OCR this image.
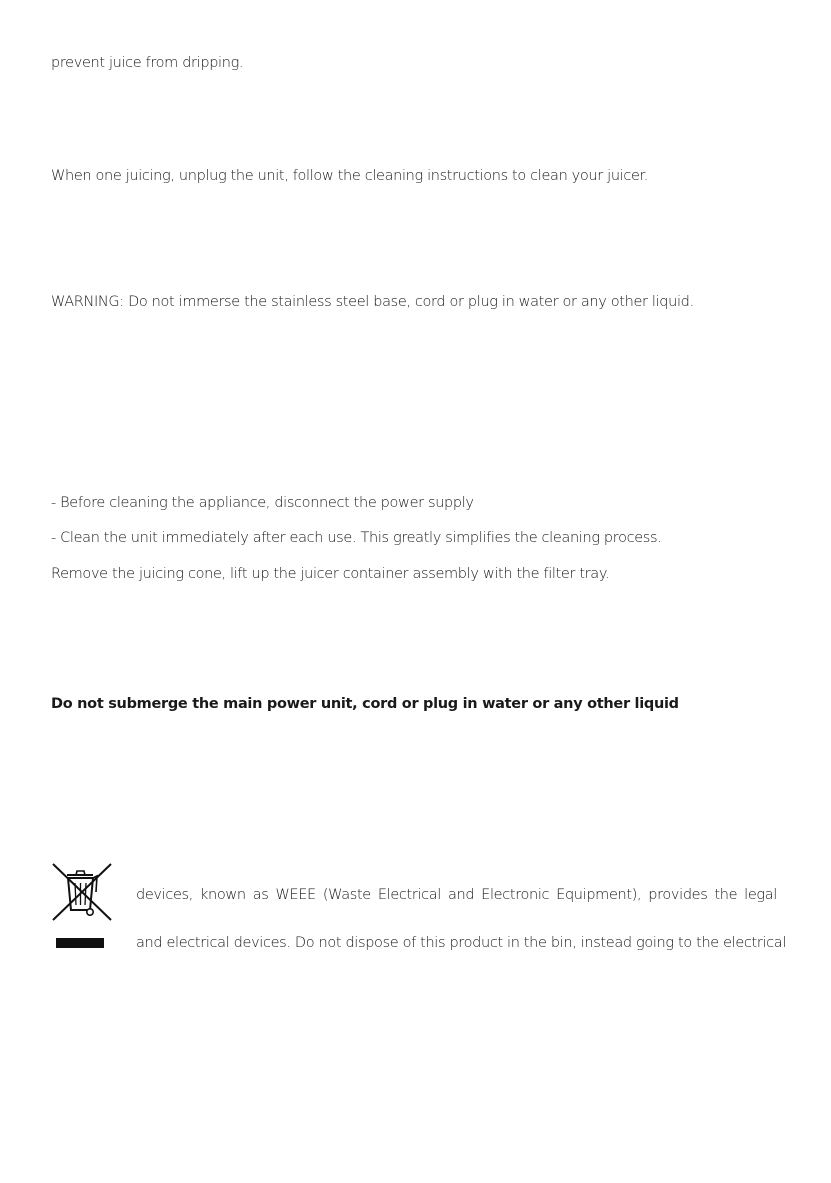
prevent juice from dripping.
When one juicing, unplug the unit, follow the cleaning instructions to clean your juicer.
WARNING: Do not immerse the stainless steel base, cord or plug in water or any other liquid.
- Before cleaning the appliance, disconnect the power supply
- Clean the unit immediately after each use. This greatly simplifies the cleaning process.
Remove the juicing cone, lift up the juicer container assembly with the filter tray.
Do not submerge the main power unit, cord or plug in water or any other liquid
devices, known as WEEE (Waste Electrical and Electronic Equipment), provides the legal
and electrical devices. Do not dispose of this product in the bin, instead going to the electrical
